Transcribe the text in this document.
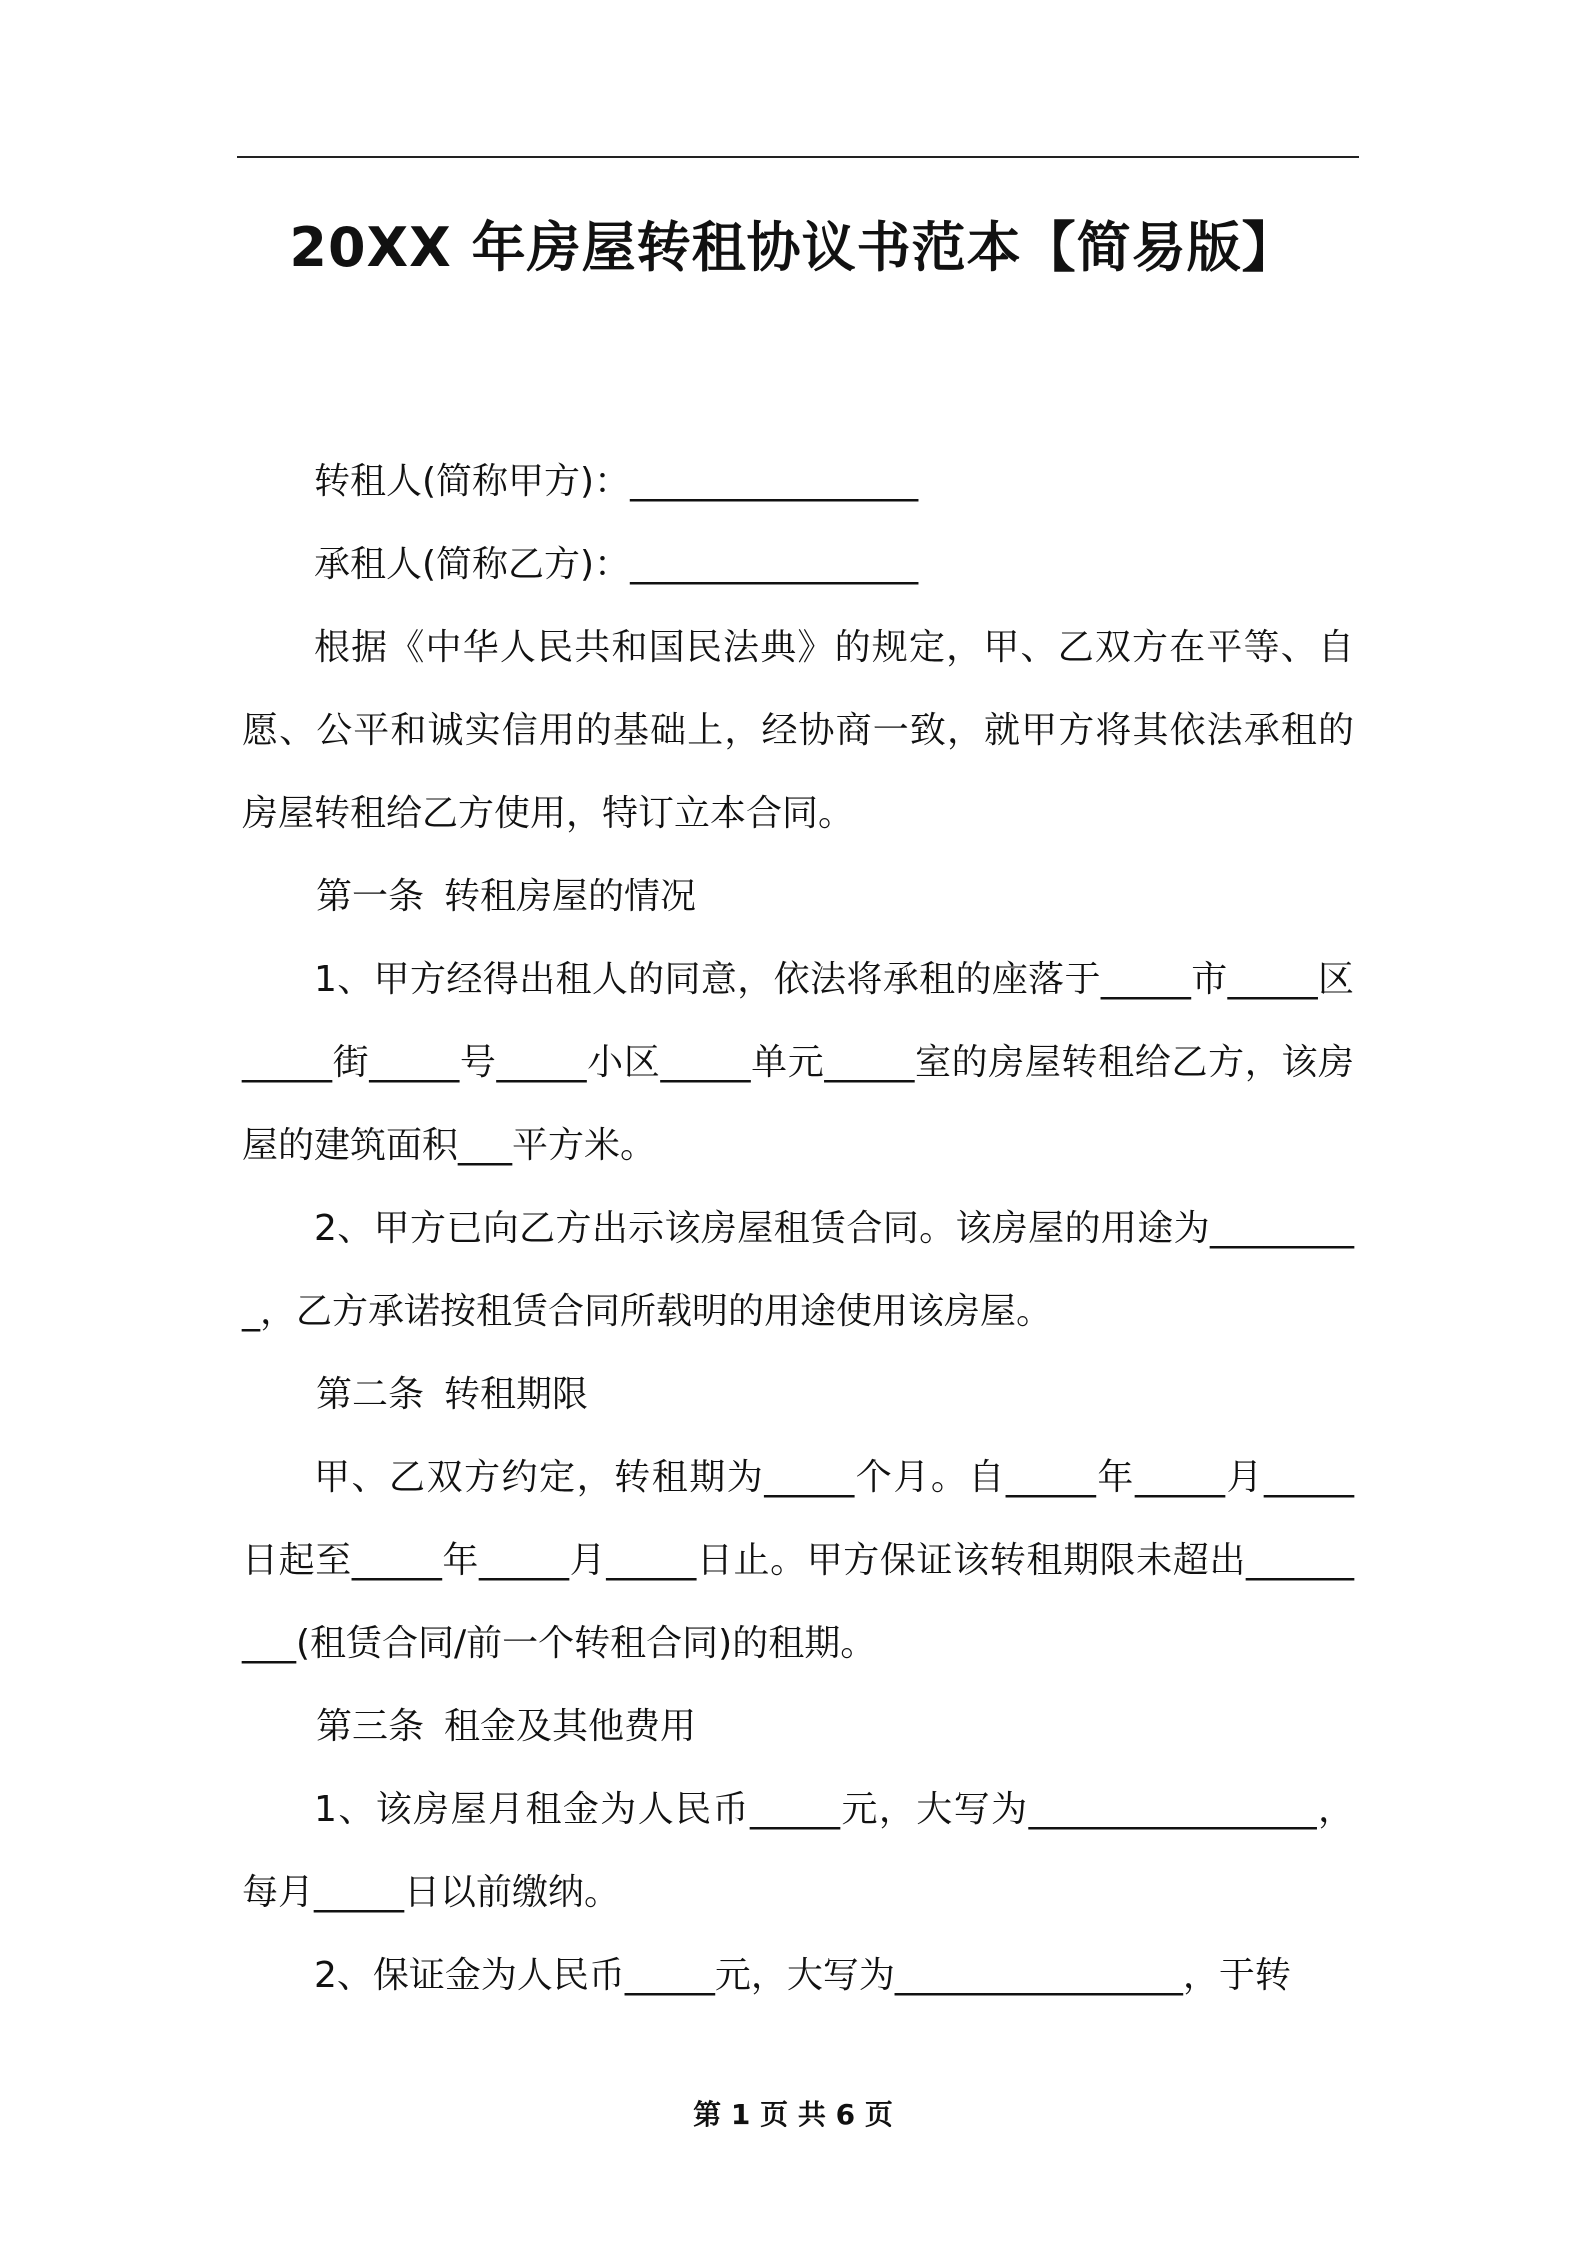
20XX 年房屋转租协议书范本【简易版】

转租人(简称甲方)：________________

承租人(简称乙方)：________________

根据《中华人民共和国民法典》的规定，甲、乙双方在平等、自愿、公平和诚实信用的基础上，经协商一致，就甲方将其依法承租的房屋转租给乙方使用，特订立本合同。

第一条 转租房屋的情况

1、甲方经得出租人的同意，依法将承租的座落于_____市_____区_____街_____号_____小区_____单元_____室的房屋转租给乙方，该房屋的建筑面积___平方米。

2、甲方已向乙方出示该房屋租赁合同。该房屋的用途为_________，乙方承诺按租赁合同所载明的用途使用该房屋。

第二条 转租期限

甲、乙双方约定，转租期为_____个月。自_____年_____月_____日起至_____年_____月_____日止。甲方保证该转租期限未超出_________(租赁合同/前一个转租合同)的租期。

第三条 租金及其他费用

1、该房屋月租金为人民币_____元，大写为________________，每月_____日以前缴纳。

2、保证金为人民币_____元，大写为________________，于转

第 1 页 共 6 页
